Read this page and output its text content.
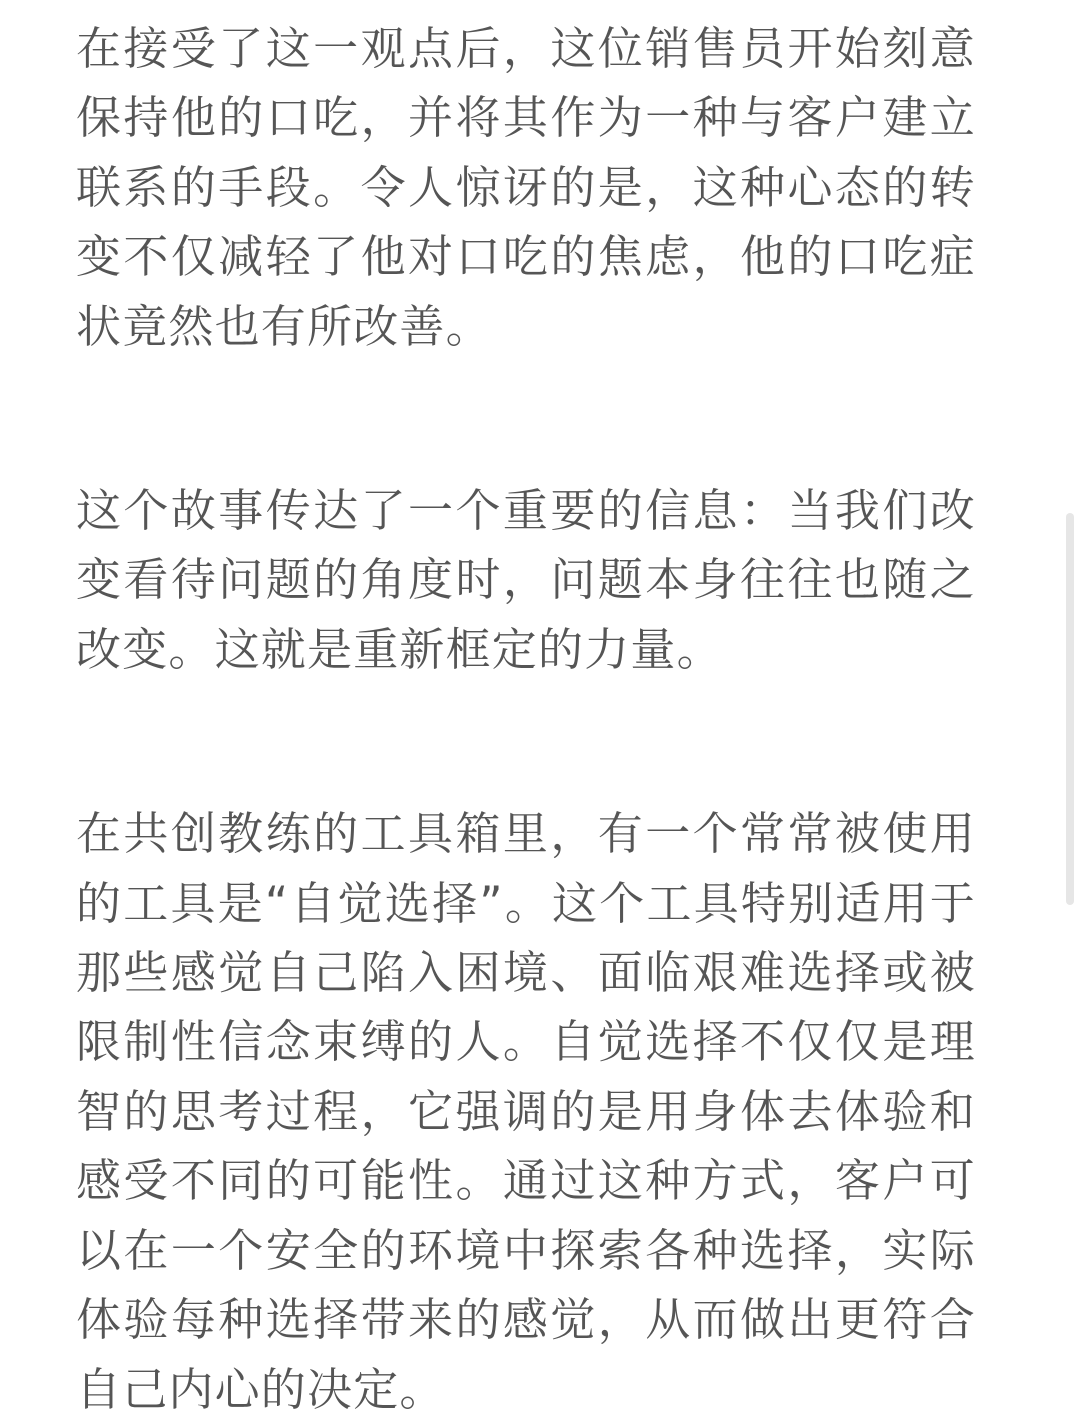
在接受了这一观点后，这位销售员开始刻意保持他的口吃，并将其作为一种与客户建立联系的手段。令人惊讶的是，这种心态的转变不仅减轻了他对口吃的焦虑，他的口吃症状竟然也有所改善。

这个故事传达了一个重要的信息：当我们改变看待问题的角度时，问题本身往往也随之改变。这就是重新框定的力量。

在共创教练的工具箱里，有一个常常被使用的工具是“自觉选择”。这个工具特别适用于那些感觉自己陷入困境、面临艰难选择或被限制性信念束缚的人。自觉选择不仅仅是理智的思考过程，它强调的是用身体去体验和感受不同的可能性。通过这种方式，客户可以在一个安全的环境中探索各种选择，实际体验每种选择带来的感觉，从而做出更符合自己内心的决定。
